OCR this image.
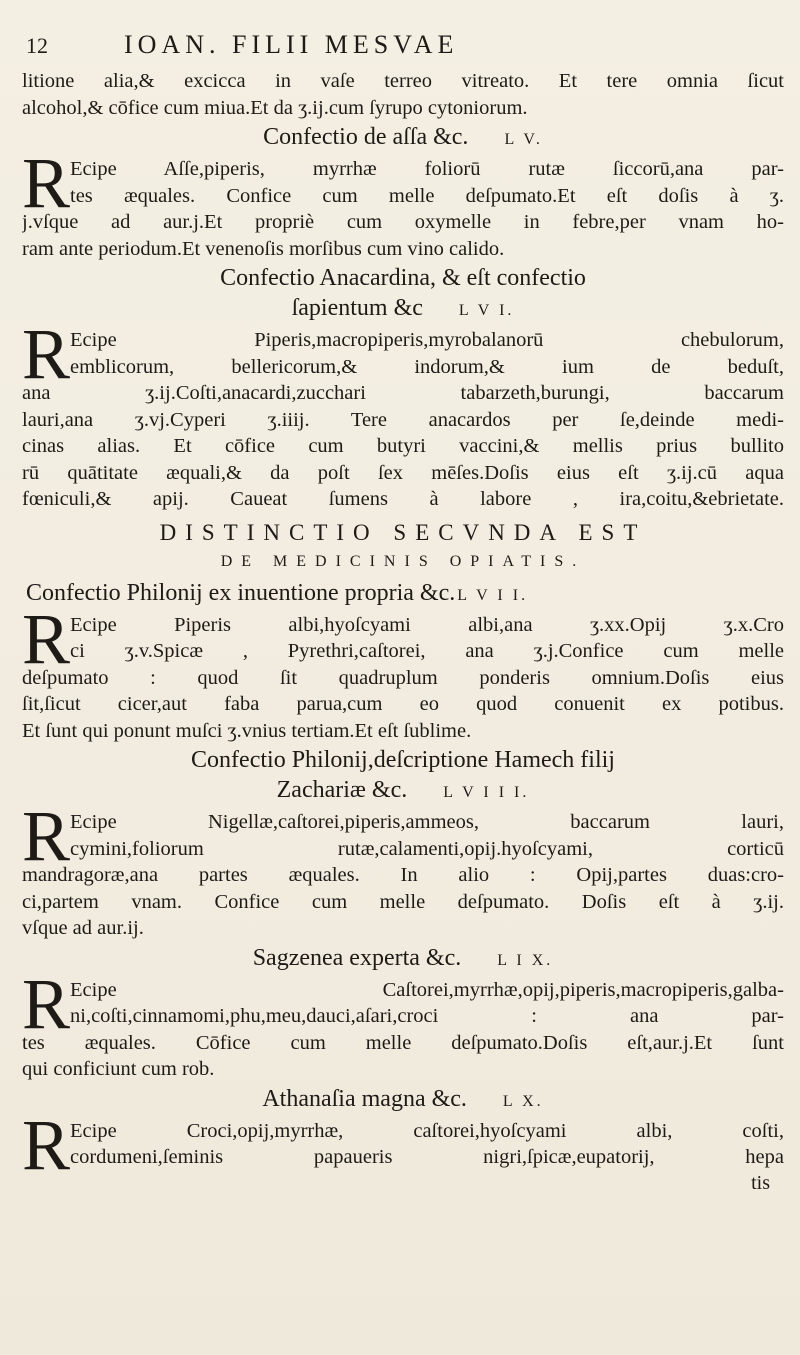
12	IOAN. FILII MESVAE
litione alia,& excicca in vaſe terreo vitreato. Et tere omnia ſicut
alcohol,& cōfice cum miua.Et da ʒ.ij.cum ſyrupo cytoniorum.
Confectio de aſſa &c. L V.
R Ecipe Aſſe,piperis, myrrhæ foliorū rutæ ſiccorū,ana par-
tes æquales. Confice cum melle deſpumato.Et eſt doſis à ʒ.
j.vſque ad aur.j.Et propriè cum oxymelle in febre,per vnam ho-
ram ante periodum.Et venenoſis morſibus cum vino calido.
Confectio Anacardina, & eſt confectio
ſapientum &c L V I.
R Ecipe Piperis,macropiperis,myrobalanorū chebulorum,
emblicorum, bellericorum,& indorum,& ium de beduſt,
ana ʒ.ij.Coſti,anacardi,zucchari tabarzeth,burungi, baccarum
lauri,ana ʒ.vj.Cyperi ʒ.iiij. Tere anacardos per ſe,deinde medi-
cinas alias. Et cōfice cum butyri vaccini,& mellis prius bullito
rū quātitate æquali,& da poſt ſex mēſes.Doſis eius eſt ʒ.ij.cū aqua
fœniculi,& apij. Caueat ſumens à labore , ira,coitu,&ebrietate.
DISTINCTIO SECVNDA EST
DE MEDICINIS OPIATIS.
Confectio Philonij ex inuentione propria &c. L V I I.
R Ecipe Piperis albi,hyoſcyami albi,ana ʒ.xx.Opij ʒ.x.Cro
ci ʒ.v.Spicæ , Pyrethri,caſtorei, ana ʒ.j.Confice cum melle
deſpumato : quod ſit quadruplum ponderis omnium.Doſis eius
ſit,ſicut cicer,aut faba parua,cum eo quod conuenit ex potibus.
Et ſunt qui ponunt muſci ʒ.vnius tertiam.Et eſt ſublime.
Confectio Philonij,deſcriptione Hamech filij
Zachariæ &c. L V I I I.
R Ecipe Nigellæ,caſtorei,piperis,ammeos, baccarum lauri,
cymini,foliorum rutæ,calamenti,opij.hyoſcyami, corticū
mandragoræ,ana partes æquales. In alio : Opij,partes duas:cro-
ci,partem vnam. Confice cum melle deſpumato. Doſis eſt à ʒ.ij.
vſque ad aur.ij.
Sagzenea experta &c. L I X.
R Ecipe Caſtorei,myrrhæ,opij,piperis,macropiperis,galba-
ni,coſti,cinnamomi,phu,meu,dauci,aſari,croci : ana par-
tes æquales. Cōfice cum melle deſpumato.Doſis eſt,aur.j.Et ſunt
qui conficiunt cum rob.
Athanaſia magna &c. L X.
R Ecipe Croci,opij,myrrhæ, caſtorei,hyoſcyami albi, coſti,
cordumeni,ſeminis papaueris nigri,ſpicæ,eupatorij, hepa
tis
